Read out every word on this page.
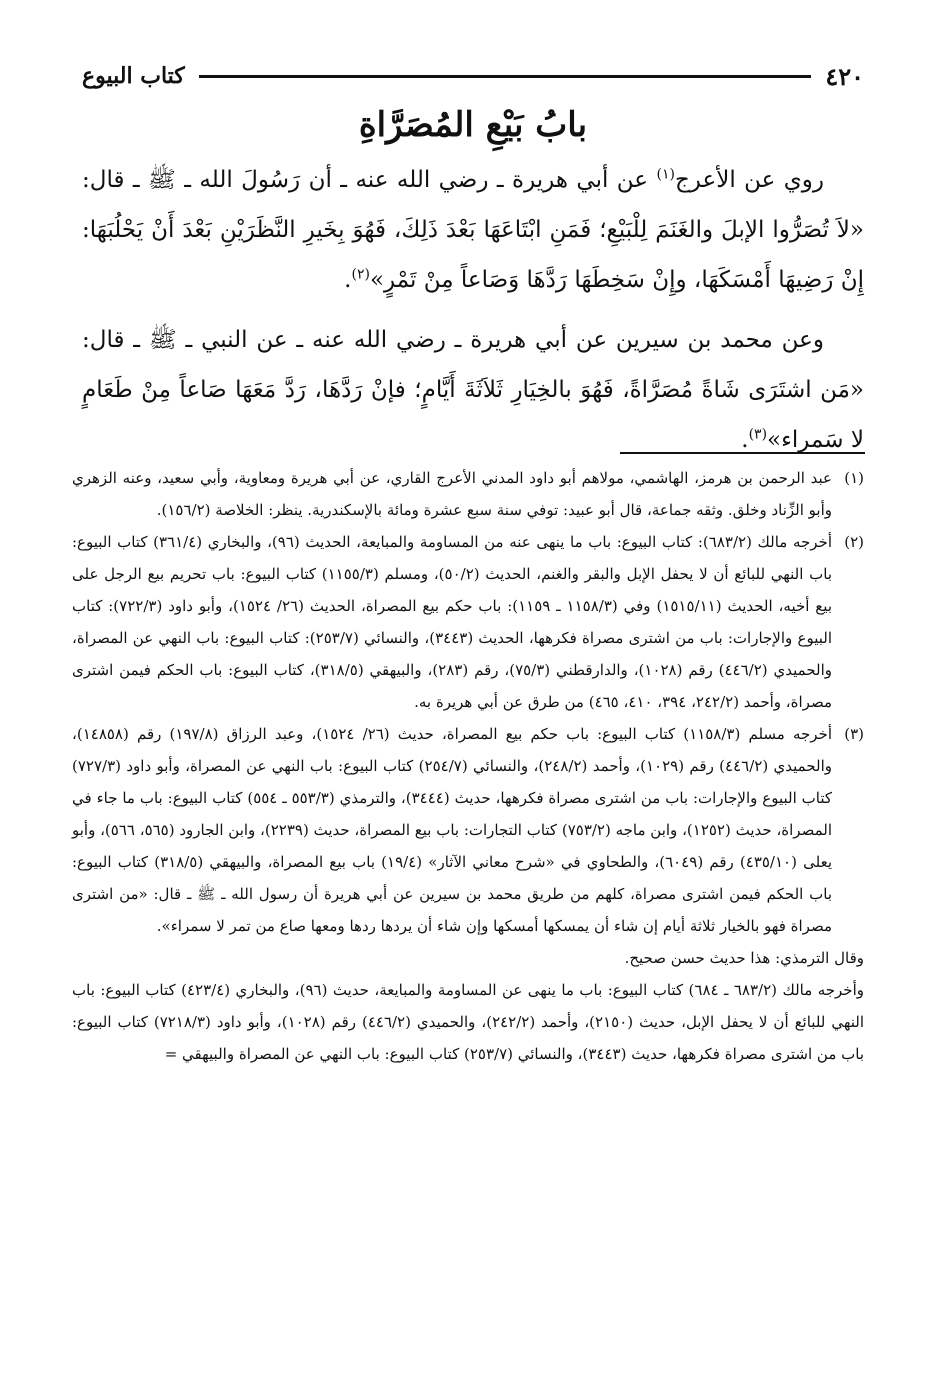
كتاب البيوع	٤٢٠
بابُ بَيْعِ المُصَرَّاةِ

روي عن الأعرج$^{(١)}$ عن أبي هريرة ـ رضي الله عنه ـ أن رَسُولَ الله ـ ﷺ ـ قال: «لاَ تُصَرُّوا الإبلَ والغَنَمَ لِلْبَيْعِ؛ فَمَنِ ابْتَاعَهَا بَعْدَ ذَلِكَ، فَهُوَ بِخَيرِ النَّظَرَيْنِ بَعْدَ أَنْ يَحْلُبَهَا: إِنْ رَضِيهَا أَمْسَكَهَا، وإِنْ سَخِطَهَا رَدَّهَا وَصَاعاً مِنْ تَمْرٍ»$^{(٢)}$.

وعن محمد بن سيرين عن أبي هريرة ـ رضي الله عنه ـ عن النبي ـ ﷺ ـ قال: «مَن اشتَرَى شَاةً مُصَرَّاةً، فَهُوَ بالخِيَارِ ثَلاَثَةَ أَيَّامٍ؛ فإنْ رَدَّهَا، رَدَّ مَعَهَا صَاعاً مِنْ طَعَامٍ لا سَمراء»$^{(٣)}$.

(١)
عبد الرحمن بن هرمز، الهاشمي، مولاهم أبو داود المدني الأعرج القاري، عن أبي هريرة ومعاوية، وأبي سعيد، وعنه الزهري وأبو الزِّناد وخلق. وثقه جماعة، قال أبو عبيد: توفي سنة سبع عشرة ومائة بالإسكندرية. ينظر: الخلاصة (١٥٦/٢).
(٢)
أخرجه مالك (٦٨٣/٢): كتاب البيوع: باب ما ينهى عنه من المساومة والمبايعة، الحديث (٩٦)، والبخاري (٣٦١/٤) كتاب البيوع: باب النهي للبائع أن لا يحفل الإبل والبقر والغنم، الحديث (٥٠/٢)، ومسلم (١١٥٥/٣) كتاب البيوع: باب تحريم بيع الرجل على بيع أخيه، الحديث (١٥١٥/١١) وفي (١١٥٨/٣ ـ ١١٥٩): باب حكم بيع المصراة، الحديث (٢٦/ ١٥٢٤)، وأبو داود (٧٢٢/٣): كتاب البيوع والإجارات: باب من اشترى مصراة فكرهها، الحديث (٣٤٤٣)، والنسائي (٢٥٣/٧): كتاب البيوع: باب النهي عن المصراة، والحميدي (٤٤٦/٢) رقم (١٠٢٨)، والدارقطني (٧٥/٣)، رقم (٢٨٣)، والبيهقي (٣١٨/٥)، كتاب البيوع: باب الحكم فيمن اشترى مصراة، وأحمد (٢٤٢/٢، ٣٩٤، ٤١٠، ٤٦٥) من طرق عن أبي هريرة به.
(٣)
أخرجه مسلم (١١٥٨/٣) كتاب البيوع: باب حكم بيع المصراة، حديث (٢٦/ ١٥٢٤)، وعبد الرزاق (١٩٧/٨) رقم (١٤٨٥٨)، والحميدي (٤٤٦/٢) رقم (١٠٢٩)، وأحمد (٢٤٨/٢)، والنسائي (٢٥٤/٧) كتاب البيوع: باب النهي عن المصراة، وأبو داود (٧٢٧/٣) كتاب البيوع والإجارات: باب من اشترى مصراة فكرهها، حديث (٣٤٤٤)، والترمذي (٥٥٣/٣ ـ ٥٥٤) كتاب البيوع: باب ما جاء في المصراة، حديث (١٢٥٢)، وابن ماجه (٧٥٣/٢) كتاب التجارات: باب بيع المصراة، حديث (٢٢٣٩)، وابن الجارود (٥٦٥، ٥٦٦)، وأبو يعلى (٤٣٥/١٠) رقم (٦٠٤٩)، والطحاوي في «شرح معاني الآثار» (١٩/٤) باب بيع المصراة، والبيهقي (٣١٨/٥) كتاب البيوع: باب الحكم فيمن اشترى مصراة، كلهم من طريق محمد بن سيرين عن أبي هريرة أن رسول الله ـ ﷺ ـ قال: «من اشترى مصراة فهو بالخيار ثلاثة أيام إن شاء أن يمسكها أمسكها وإن شاء أن يردها ردها ومعها صاع من تمر لا سمراء».
وقال الترمذي: هذا حديث حسن صحيح.
وأخرجه مالك (٦٨٣/٢ ـ ٦٨٤) كتاب البيوع: باب ما ينهى عن المساومة والمبايعة، حديث (٩٦)، والبخاري (٤٢٣/٤) كتاب البيوع: باب النهي للبائع أن لا يحفل الإبل، حديث (٢١٥٠)، وأحمد (٢٤٢/٢)، والحميدي (٤٤٦/٢) رقم (١٠٢٨)، وأبو داود (٧٢١٨/٣) كتاب البيوع: باب من اشترى مصراة فكرهها، حديث (٣٤٤٣)، والنسائي (٢٥٣/٧) كتاب البيوع: باب النهي عن المصراة والبيهقي =
